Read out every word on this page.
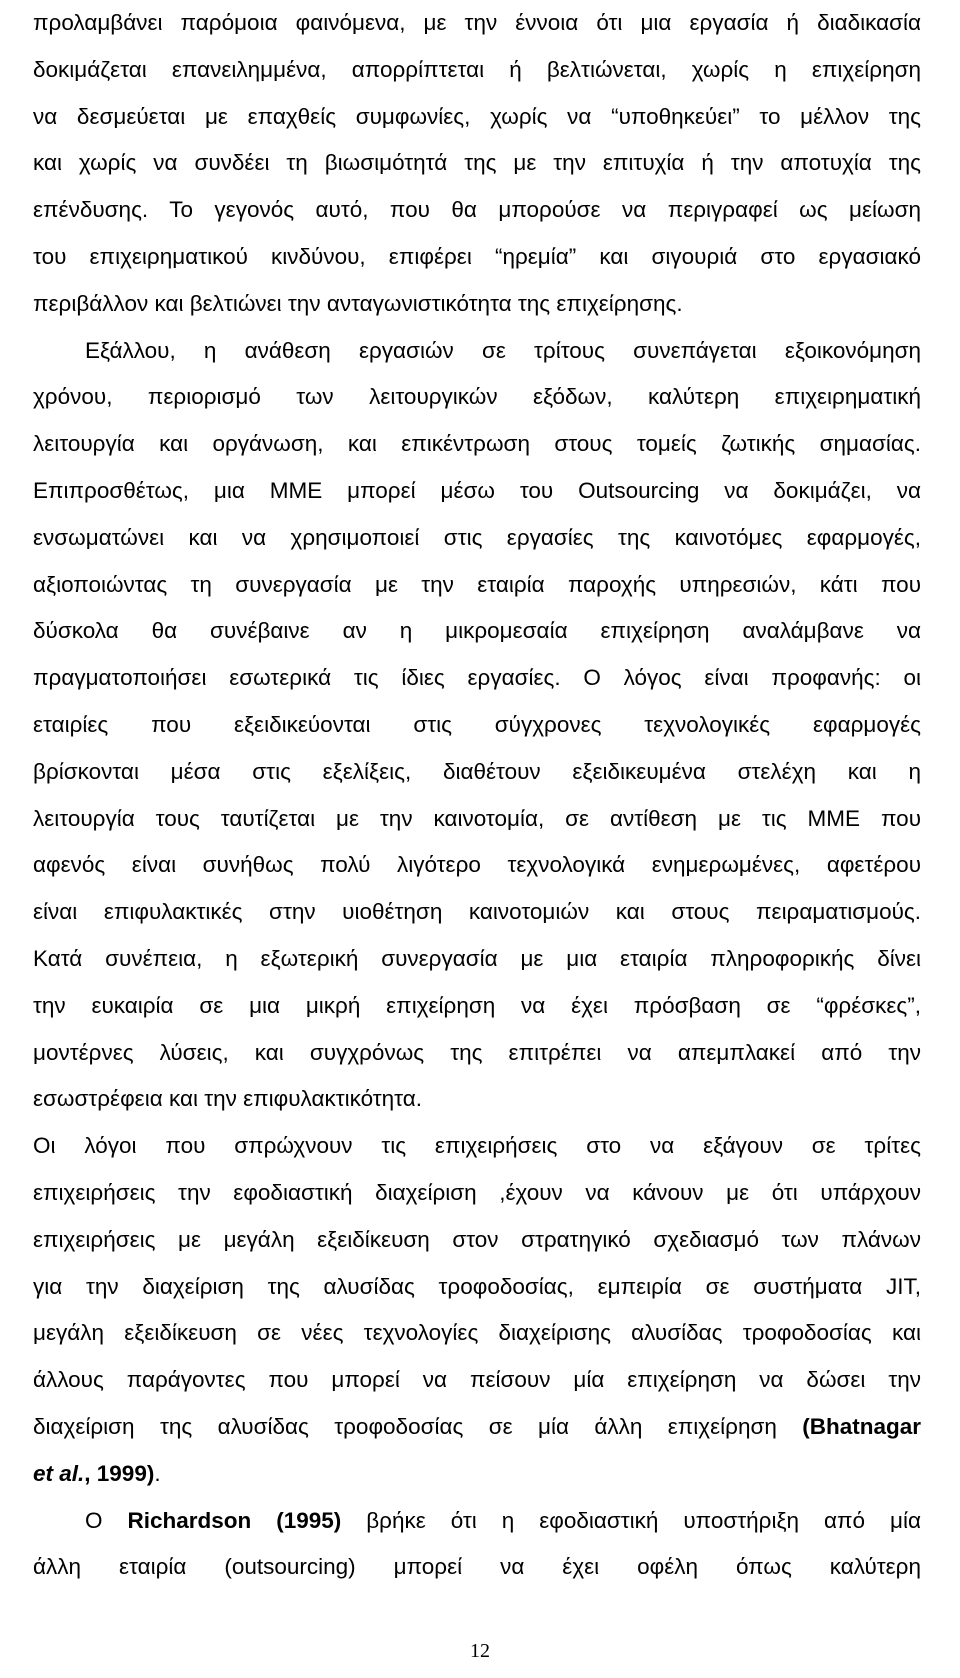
προλαμβάνει παρόμοια φαινόμενα, με την έννοια ότι μια εργασία ή διαδικασία
δοκιμάζεται επανειλημμένα, απορρίπτεται ή βελτιώνεται, χωρίς η επιχείρηση
να δεσμεύεται με επαχθείς συμφωνίες, χωρίς να “υποθηκεύει” το μέλλον της
και χωρίς να συνδέει τη βιωσιμότητά της με την επιτυχία ή την αποτυχία της
επένδυσης. Το γεγονός αυτό, που θα μπορούσε να περιγραφεί ως μείωση
του επιχειρηματικού κινδύνου, επιφέρει “ηρεμία” και σιγουριά στο εργασιακό
περιβάλλον και βελτιώνει την ανταγωνιστικότητα της επιχείρησης.
Εξάλλου, η ανάθεση εργασιών σε τρίτους συνεπάγεται εξοικονόμηση
χρόνου, περιορισμό των λειτουργικών εξόδων, καλύτερη επιχειρηματική
λειτουργία και οργάνωση, και επικέντρωση στους τομείς ζωτικής σημασίας.
Επιπροσθέτως, μια ΜΜΕ μπορεί μέσω του Outsourcing να δοκιμάζει, να
ενσωματώνει και να χρησιμοποιεί στις εργασίες της καινοτόμες εφαρμογές,
αξιοποιώντας τη συνεργασία με την εταιρία παροχής υπηρεσιών, κάτι που
δύσκολα θα συνέβαινε αν η μικρομεσαία επιχείρηση αναλάμβανε να
πραγματοποιήσει εσωτερικά τις ίδιες εργασίες. Ο λόγος είναι προφανής: οι
εταιρίες που εξειδικεύονται στις σύγχρονες τεχνολογικές εφαρμογές
βρίσκονται μέσα στις εξελίξεις, διαθέτουν εξειδικευμένα στελέχη και η
λειτουργία τους ταυτίζεται με την καινοτομία, σε αντίθεση με τις ΜΜΕ που
αφενός είναι συνήθως πολύ λιγότερο τεχνολογικά ενημερωμένες, αφετέρου
είναι επιφυλακτικές στην υιοθέτηση καινοτομιών και στους πειραματισμούς.
Κατά συνέπεια, η εξωτερική συνεργασία με μια εταιρία πληροφορικής δίνει
την ευκαιρία σε μια μικρή επιχείρηση να έχει πρόσβαση σε “φρέσκες”,
μοντέρνες λύσεις, και συγχρόνως της επιτρέπει να απεμπλακεί από την
εσωστρέφεια και την επιφυλακτικότητα.
Οι λόγοι που σπρώχνουν τις επιχειρήσεις στο να εξάγουν σε τρίτες
επιχειρήσεις την εφοδιαστική διαχείριση ,έχουν να κάνουν με ότι υπάρχουν
επιχειρήσεις με μεγάλη εξειδίκευση στον στρατηγικό σχεδιασμό των πλάνων
για την διαχείριση της αλυσίδας τροφοδοσίας, εμπειρία σε συστήματα JIT,
μεγάλη εξειδίκευση σε νέες τεχνολογίες διαχείρισης αλυσίδας τροφοδοσίας και
άλλους παράγοντες που μπορεί να πείσουν μία επιχείρηση να δώσει την
διαχείριση της αλυσίδας τροφοδοσίας σε μία άλλη επιχείρηση (Bhatnagar
et al., 1999).
Ο Richardson (1995) βρήκε ότι η εφοδιαστική υποστήριξη από μία
άλλη εταιρία (outsourcing) μπορεί να έχει οφέλη όπως καλύτερη
12
